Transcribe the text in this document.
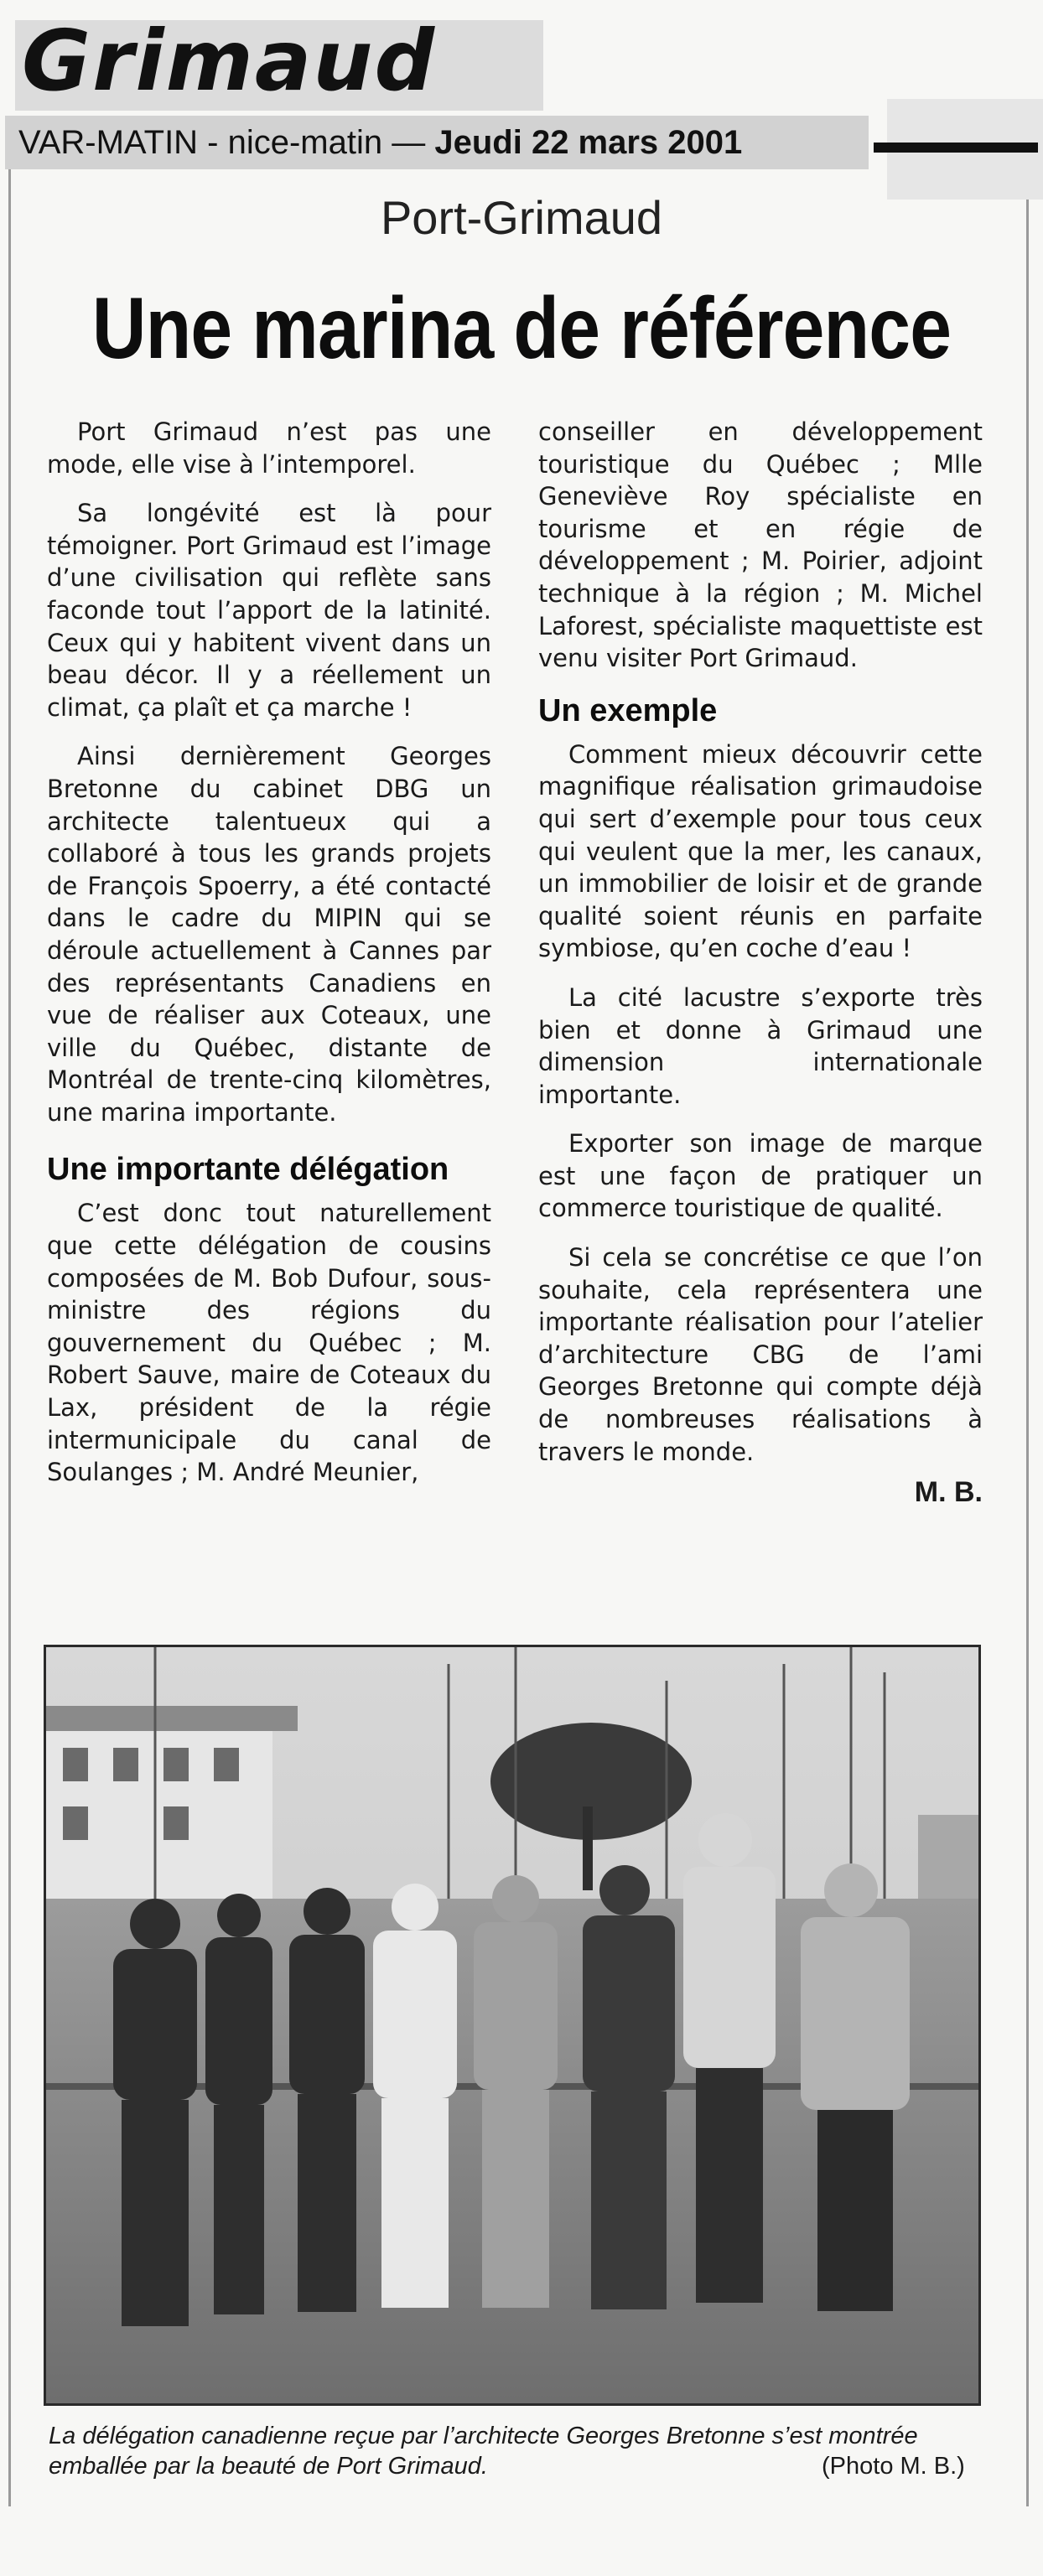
Grimaud
VAR-MATIN - nice-matin — Jeudi 22 mars 2001
Port-Grimaud
Une marina de référence

Port Grimaud n’est pas une mode, elle vise à l’intemporel.

Sa longévité est là pour témoigner. Port Grimaud est l’image d’une civilisation qui reflète sans faconde tout l’apport de la latinité. Ceux qui y habitent vivent dans un beau décor. Il y a réellement un climat, ça plaît et ça marche !

Ainsi dernièrement Georges Bretonne du cabinet DBG un architecte talentueux qui a collaboré à tous les grands projets de François Spoerry, a été contacté dans le cadre du MIPIN qui se déroule actuellement à Cannes par des représentants Canadiens en vue de réaliser aux Coteaux, une ville du Québec, distante de Montréal de trente-cinq kilomètres, une marina importante.

Une importante délégation

C’est donc tout naturellement que cette délégation de cousins composées de M. Bob Dufour, sous-ministre des régions du gouvernement du Québec ; M. Robert Sauve, maire de Coteaux du Lax, président de la régie intermunicipale du canal de Soulanges ; M. André Meunier,

conseiller en développement touristique du Québec ; Mlle Geneviève Roy spécialiste en tourisme et en régie de développement ; M. Poirier, adjoint technique à la région ; M. Michel Laforest, spécialiste maquettiste est venu visiter Port Grimaud.

Un exemple

Comment mieux découvrir cette magnifique réalisation grimaudoise qui sert d’exemple pour tous ceux qui veulent que la mer, les canaux, un immobilier de loisir et de grande qualité soient réunis en parfaite symbiose, qu’en coche d’eau !

La cité lacustre s’exporte très bien et donne à Grimaud une dimension internationale importante.

Exporter son image de marque est une façon de pratiquer un commerce touristique de qualité.

Si cela se concrétise ce que l’on souhaite, cela représentera une importante réalisation pour l’atelier d’architecture CBG de l’ami Georges Bretonne qui compte déjà de nombreuses réalisations à travers le monde.

M. B.
La délégation canadienne reçue par l’architecte Georges Bretonne s’est montrée emballée par la beauté de Port Grimaud.	(Photo M. B.)
